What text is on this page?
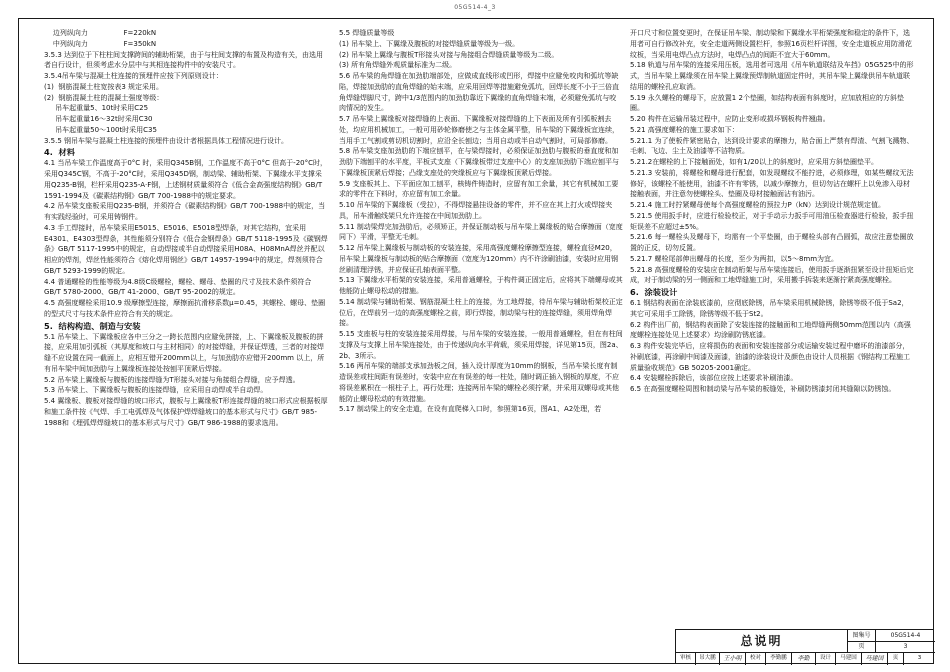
05G514-4_3

边列纵向力                F=220kN

中列纵向力                F=350kN

3.5.3 达到位于下柱柱间支撑跨间的辅助桁架，由于与柱间支撑的布置及构造有关，由选用者自行设计，但须考虑水分层中与其相连接构件中的安装尺寸。

3.5.4吊车梁与混凝土柱连接的预埋件应按下列原则设计：

(1)  钢筋混凝土柱宽按表3 规定采用。

(2)  钢筋混凝土柱的混凝土强度等级：

吊车起重量5、10t时采用C25

吊车起重量16～32t时采用C30

吊车起重量50～100t时采用C35

3.5.5 钢吊车梁与混凝土柱连接的预埋件由设计者根据具体工程情况进行设计。

4.  材料

4.1 当吊车梁工作温度高于0°C 时，采用Q345B钢，工作温度不高于0°C 但高于-20°C时，采用Q345C钢，不高于-20°C时，采用Q345D钢，制动梁、辅助桁架、下翼缘水平支撑采用Q235-B钢，栏杆采用Q235-A·F钢，上述钢材质量须符合《低合金高强度结构钢》GB/T 1591-1994及《碳素结构钢》GB/T 700-1988中的规定要求。

4.2 吊车梁支座板采用Q235-B钢，并须符合《碳素结构钢》GB/T 700-1988中的规定，当有实践经验时，可采用铸钢件。

4.3 手工焊接时，吊车梁采用E5015、E5016、E5018型焊条，对其它结构，宜采用E4301、E4303型焊条，其性能须分别符合《低合金钢焊条》GB/T 5118-1995及《碳钢焊条》GB/T 5117-1995中的规定，自动焊接或半自动焊接采用H08A、H08MnA焊丝并配以相应的焊剂，焊丝性能须符合《熔化焊用钢丝》GB/T 14957-1994中的规定，焊剂须符合GB/T 5293-1999的规定。

4.4 普通螺栓的性能等级为4.8级C级螺栓，螺栓、螺母、垫圈的尺寸及技术条件须符合GB/T 5780-2000、GB/T 41-2000、GB/T 95-2002的规定。

4.5 高强度螺栓采用10.9 级摩擦型连接，摩擦面抗滑移系数μ=0.45，其螺栓、螺母、垫圈的型式尺寸与技术条件应符合有关的规定。

5.  结构构造、制造与安装

5.1 吊车梁上、下翼缘板应各中三分之一跨长范围内应避免拼接，上、下翼缘板及腹板的拼接，应采用加引弧板（其厚度和坡口与主材相同）的对接焊缝，并保证焊透，三者的对接焊缝不应设置在同一截面上，应相互错开200mm以上，与加劲肋亦应错开200mm 以上，所有吊车梁中间加劲肋与上翼缘板连接处按刨平顶紧后焊接。

5.2 吊车梁上翼缘板与腹板的连接焊缝为T形接头对接与角接组合焊缝，应予焊透。

5.3 吊车梁上、下翼缘板与腹板的连接焊缝，应采用自动焊或半自动焊。

5.4 翼缘板、腹板对接焊缝的坡口形式，腹板与上翼缘板T形连接焊缝的坡口形式应根据板厚和施工条件按《气焊、手工电弧焊及气体保护焊焊缝坡口的基本形式与尺寸》GB/T 985-1988和《埋弧焊焊缝坡口的基本形式与尺寸》GB/T 986-1988的要求选用。

5.5 焊缝质量等级

(1) 吊车梁上、下翼缘及腹板的对接焊缝质量等级为一级。

(2) 吊车梁上翼缘与腹板T形接头对接与角接组合焊缝质量等级为二级。

(3) 所有角焊缝外观质量标准为二级。

5.6 吊车梁的角焊缝在加劲肋端部处，应做成直线形或凹形，焊接中应避免咬肉和弧坑等缺陷，焊接加劲肋的直角焊缝的始末端，应采用回焊等措施避免弧坑，回焊长度不小于三倍直角焊缝焊脚尺寸，跨中1/3范围内的加劲肋靠近下翼缘的直角焊缝末端，必须避免弧坑与咬肉情况的发生。

5.7 吊车梁上翼缘板对接焊缝的上表面、下翼缘板对接焊缝的上下表面及所有引弧板割去处，均应用机械加工，一般可用砂轮修磨使之与主体金属平整，吊车梁的下翼缘板宜连续，当用手工气割或剪切机切割时，应沿全长刨边；当用自动或半自动气割时，可局部修磨。

5.8 吊车梁支座加劲肋的下端应刨平，在与梁焊接时，必须保证加劲肋与腹板的垂直度和加劲肋下端刨平的水平度，平板式支座（下翼缘板带过支座中心）的支座加劲肋下端应刨平与下翼缘板顶紧后焊接；凸缘支座处的突缘板应与下翼缘板顶紧后焊接。

5.9 支座板其上、下平面应加工刨平，核铸件铸造时，应留有加工余量，其它有机械加工要求的零件在下料时，亦应留有加工余量。

5.10 吊车梁的下翼缘板（受拉），不得焊接悬挂设备的零件，并不应在其上打火或焊接夹具，吊车滑触线架只允许连接在中间加劲肋上。

5.11 制动梁焊完加劲肋后，必须矫正，并保证制动板与吊车梁上翼缘板的贴合摩擦面（宽度同下）平滑，平整无毛刺。

5.12 吊车梁上翼缘板与制动板的安装连接，采用高强度螺栓摩擦型连接，螺栓直径M20，吊车梁上翼缘板与制动板的贴合摩擦面（宽度为120mm）内不许涂刷油漆，安装时应用钢丝刷清理浮锈，并应保证孔轴表面平整。

5.13 下翼缘水平桁架的安装连接，采用普通螺栓，于构件调正固定后，应将其下端螺母或其他能防止螺母松动的措施。

5.14 制动梁与辅助桁架、钢筋混凝土柱上的连接，为工地焊接，待吊车梁与辅助桁架校正定位后，在焊前另一边的高强度螺栓之前，即行焊接，制动梁与柱的连接焊缝，须用焊角焊接。

5.15 支座板与柱的安装连接采用焊接，与吊车梁的安装连接，一般用普通螺栓，但在有柱间支撑及与支撑上吊车梁连接处，由于传递纵向水平荷载，须采用焊接，详见第15页，图2a、2b、3所示。

5.16 两吊车梁的端部支承加劲板之间，插入设计厚度为10mm的钢板，当吊车梁长度有制造误差或柱间距有误差时，安装中应在有误差的每一柱处，随时调正插入钢板的厚度，不应将误差累积在一根柱子上，再行处理；连接两吊车梁的螺栓必须拧紧，并采用双螺母或其他能防止螺母松动的有效措施。

5.17 制动梁上的安全走道，在设有直爬梯入口时，参照第16页，图A1、A2处理，若

开口尺寸和位置变更时，在保证吊车梁、制动梁和下翼缘水平桁架强度和稳定的条件下，选用者可自行修改补充，安全走道两侧设置栏杆，参照16页栏杆详图，安全走道板应用防滑花纹板，当采用电焊凸点方法时，电焊凸点的间距不宜大于60mm。

5.18 轨道与吊车梁的连接采用压板，选用者可选用《吊车轨道联结及车挡》05G525中的形式，当吊车梁上翼缘须在吊车梁上翼缘预焊制轨道固定件时，其吊车梁上翼缘供吊车轨道联结用的螺栓孔应取消。

5.19 永久螺栓的螺母下，应放置1 2个垫圈，如结构表面有斜度时，应加放相应的方斜垫圈。

5.20 构件在运输吊装过程中，应防止变形或损坏钢板构件翘曲。

5.21 高强度螺栓的施工要求如下：

5.21.1 为了使板件紧密贴合，达到设计要求的摩擦力，贴合面上严禁有焊渣、气割飞溅物、毛刺、飞边、尘土及油漆等不洁物质。

5.21.2在螺栓的上下接触面处，如有1/20以上的斜度时，应采用方斜垫圈垫平。

5.21.3 安装前，将螺栓和螺母进行配套，如发现螺纹不能拧进，必须修理，如某些螺纹无法修好，该螺栓不能使用，油漆不许有零锈，以减少摩擦力，但切勿沾在螺杆上以免渗入母材接触表面，并注意勿使螺栓头、垫圈及母材接触面沾有油污。

5.21.4 施工时拧紧螺母使每个高强度螺栓的预拉力P（kN）达到设计规范规定值。

5.21.5 使用扳手时，应进行检验校正，对于手动示力扳手可用油压检查器进行检验，扳手扭矩误差不应超过±5%。

5.21.6 每一螺栓头及螺母下，均需有一个平垫圈，由于螺栓头部有凸圆弧，故应注意垫圈放置的正反，切勿反置。

5.21.7 螺栓尾部伸出螺母的长度，至少为两扣，以5～8mm为宜。

5.21.8 高强度螺栓的安装应在制动桁架与吊车梁连接后，使用扳手逐渐扭紧至设计扭矩后完成，对于制动梁的另一侧面和工地焊缝施工时，采用搬手拆装来逐渐拧紧高强度螺栓。

6.  涂装设计

6.1 钢结构表面在涂装底漆前，应彻底除锈，吊车梁采用机械除锈，除锈等级不低于Sa2，其它可采用手工除锈，除锈等级不低于St2。

6.2 构件出厂前，钢结构表面除了安装连接的接触面和工地焊缝两侧50mm范围以内（高强度螺栓连接处见上述要求）均涂刷防锈底漆。

6.3 构件安装完毕后，应将损伤的表面和安装连接部分或运输安装过程中磨坏的油漆部分，补刷底漆，再涂刷中间漆及面漆，油漆的涂装设计及颜色由设计人员根据《钢结构工程施工质量验收规范》GB 50205-2001确定。

6.4 安装螺栓拆除后，该部位应按上述要求补刷油漆。

6.5 在高强度螺栓周围和制动梁与吊车梁的板缝处，补刷防锈漆封闭其缝隙以防锈蚀。

总说明	图集号	05G514-4
页	3
审核	吊大鹏	王小明	校对	李勤鹏	李勤	设计	马建国	马建国	页	3
